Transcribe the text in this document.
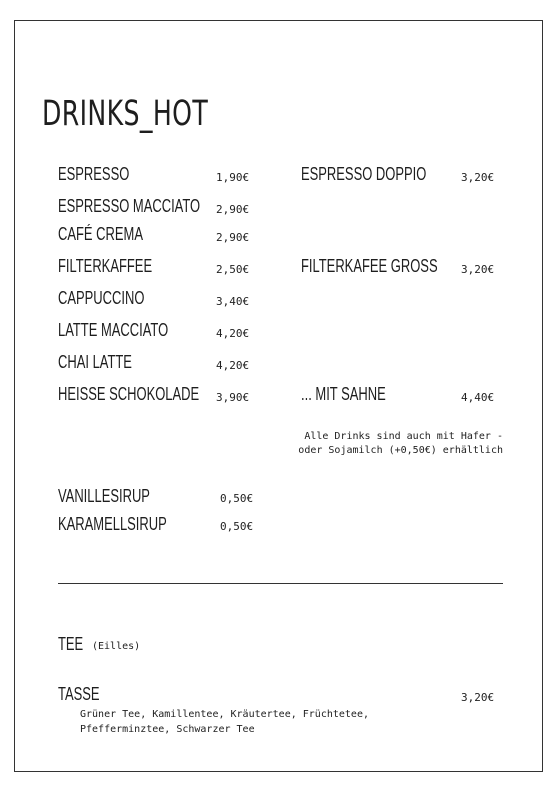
DRINKS_HOT
ESPRESSO	1,90€
ESPRESSO MACCIATO 2,90€
CAFÉ CREMA	2,90€
FILTERKAFFEE	2,50€
CAPPUCCINO	3,40€
LATTE MACCIATO	4,20€
CHAI LATTE	4,20€
HEISSE SCHOKOLADE 3,90€
ESPRESSO DOPPIO	3,20€
FILTERKAFEE GROSS 3,20€
... MIT SAHNE	4,40€
Alle Drinks sind auch mit Hafer -
oder Sojamilch (+0,50€) erhältlich
VANILLESIRUP	0,50€
KARAMELLSIRUP	0,50€
TEE (Eilles)
TASSE	3,20€
Grüner Tee, Kamillentee, Kräutertee, Früchtetee,
Pfefferminztee, Schwarzer Tee
